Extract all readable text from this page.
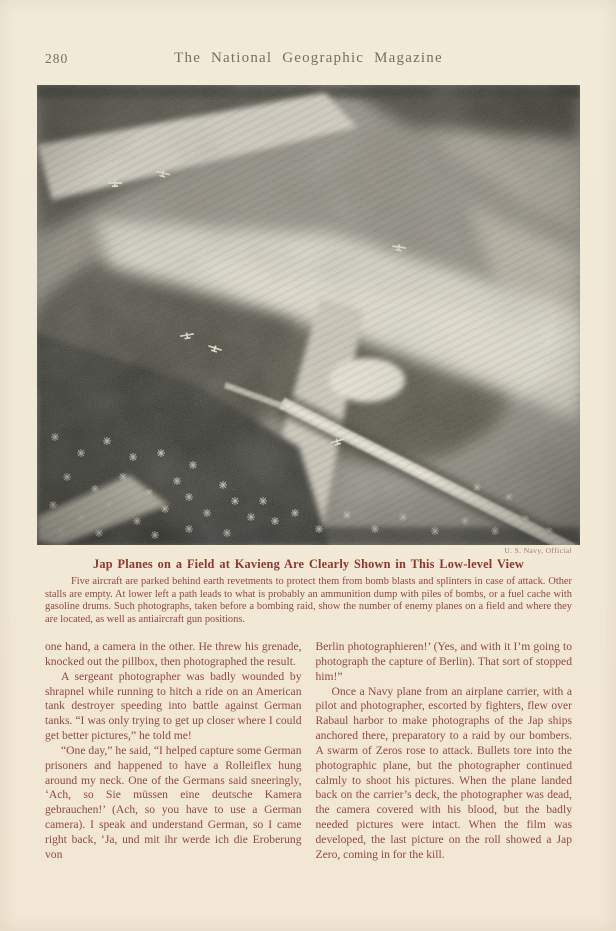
280	The National Geographic Magazine
U. S. Navy, Official
Jap Planes on a Field at Kavieng Are Clearly Shown in This Low-level View

Five aircraft are parked behind earth revetments to protect them from bomb blasts and splinters in case of attack. Other stalls are empty. At lower left a path leads to what is probably an ammunition dump with piles of bombs, or a fuel cache with gasoline drums. Such photographs, taken before a bombing raid, show the number of enemy planes on a field and where they are located, as well as antiaircraft gun positions.

one hand, a camera in the other. He threw his grenade, knocked out the pillbox, then photographed the result.

A sergeant photographer was badly wounded by shrapnel while running to hitch a ride on an American tank destroyer speeding into battle against German tanks. “I was only trying to get up closer where I could get better pictures,” he told me!

“One day,” he said, “I helped capture some German prisoners and happened to have a Rolleiflex hung around my neck. One of the Germans said sneeringly, ‘Ach, so Sie müssen eine deutsche Kamera gebrauchen!’ (Ach, so you have to use a German camera). I speak and understand German, so I came right back, ‘Ja, und mit ihr werde ich die Eroberung von

Berlin photographieren!’ (Yes, and with it I’m going to photograph the capture of Berlin). That sort of stopped him!”

Once a Navy plane from an airplane carrier, with a pilot and photographer, escorted by fighters, flew over Rabaul harbor to make photographs of the Jap ships anchored there, preparatory to a raid by our bombers. A swarm of Zeros rose to attack. Bullets tore into the photographic plane, but the photographer continued calmly to shoot his pictures. When the plane landed back on the carrier’s deck, the photographer was dead, the camera covered with his blood, but the badly needed pictures were intact. When the film was developed, the last picture on the roll showed a Jap Zero, coming in for the kill.
